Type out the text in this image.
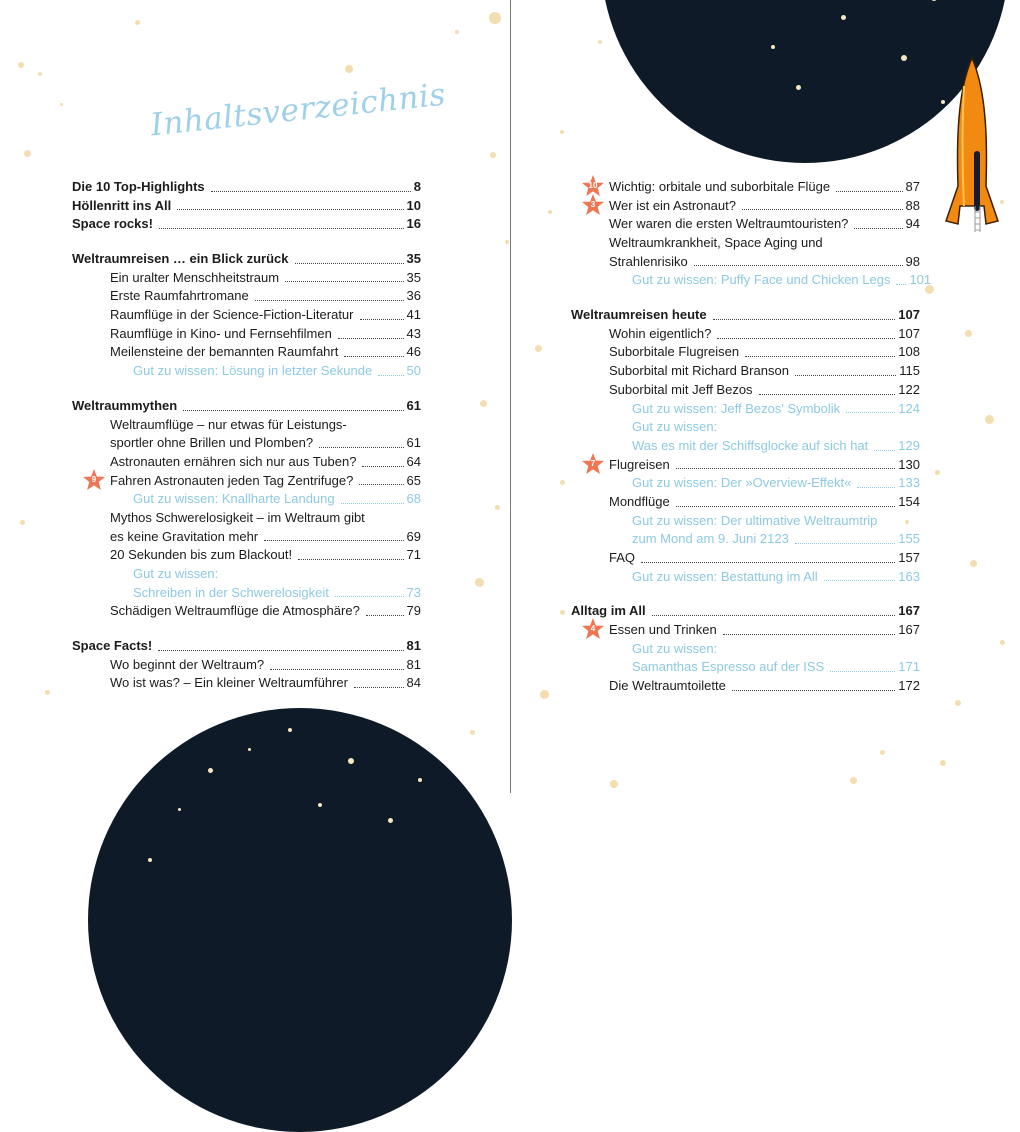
Inhaltsverzeichnis
Die 10 Top-Highlights	8
Höllenritt ins All	10
Space rocks!	16
Weltraumreisen … ein Blick zurück	35
Ein uralter Menschheitstraum	35
Erste Raumfahrtromane	36
Raumflüge in der Science-Fiction-Literatur	41
Raumflüge in Kino- und Fernsehfilmen	43
Meilensteine der bemannten Raumfahrt	46
Gut zu wissen: Lösung in letzter Sekunde	50
Weltraummythen	61
Weltraumflüge – nur etwas für Leistungs-
sportler ohne Brillen und Plomben?	61
Astronauten ernähren sich nur aus Tuben?	64
9	Fahren Astronauten jeden Tag Zentrifuge?	65
Gut zu wissen: Knallharte Landung	68
Mythos Schwerelosigkeit – im Weltraum gibt
es keine Gravitation mehr	69
20 Sekunden bis zum Blackout!	71
Gut zu wissen:
Schreiben in der Schwerelosigkeit	73
Schädigen Weltraumflüge die Atmosphäre?	79
Space Facts!	81
Wo beginnt der Weltraum?	81
Wo ist was? – Ein kleiner Weltraumführer	84
10 Wichtig: orbitale und suborbitale Flüge	87
3	Wer ist ein Astronaut?	88
Wer waren die ersten Weltraumtouristen?	94
Weltraumkrankheit, Space Aging und
Strahlenrisiko	98
Gut zu wissen: Puffy Face und Chicken Legs 101
Weltraumreisen heute	107
Wohin eigentlich?	107
Suborbitale Flugreisen	108
Suborbital mit Richard Branson	115
Suborbital mit Jeff Bezos	122
Gut zu wissen: Jeff Bezos' Symbolik	124
Gut zu wissen:
Was es mit der Schiffsglocke auf sich hat 129
7	Flugreisen	130
Gut zu wissen: Der »Overview-Effekt«	133
Mondflüge	154
Gut zu wissen: Der ultimative Weltraumtrip
zum Mond am 9. Juni 2123	155
FAQ	157
Gut zu wissen: Bestattung im All	163
Alltag im All	167
4	Essen und Trinken	167
Gut zu wissen:
Samanthas Espresso auf der ISS	171
Die Weltraumtoilette	172
